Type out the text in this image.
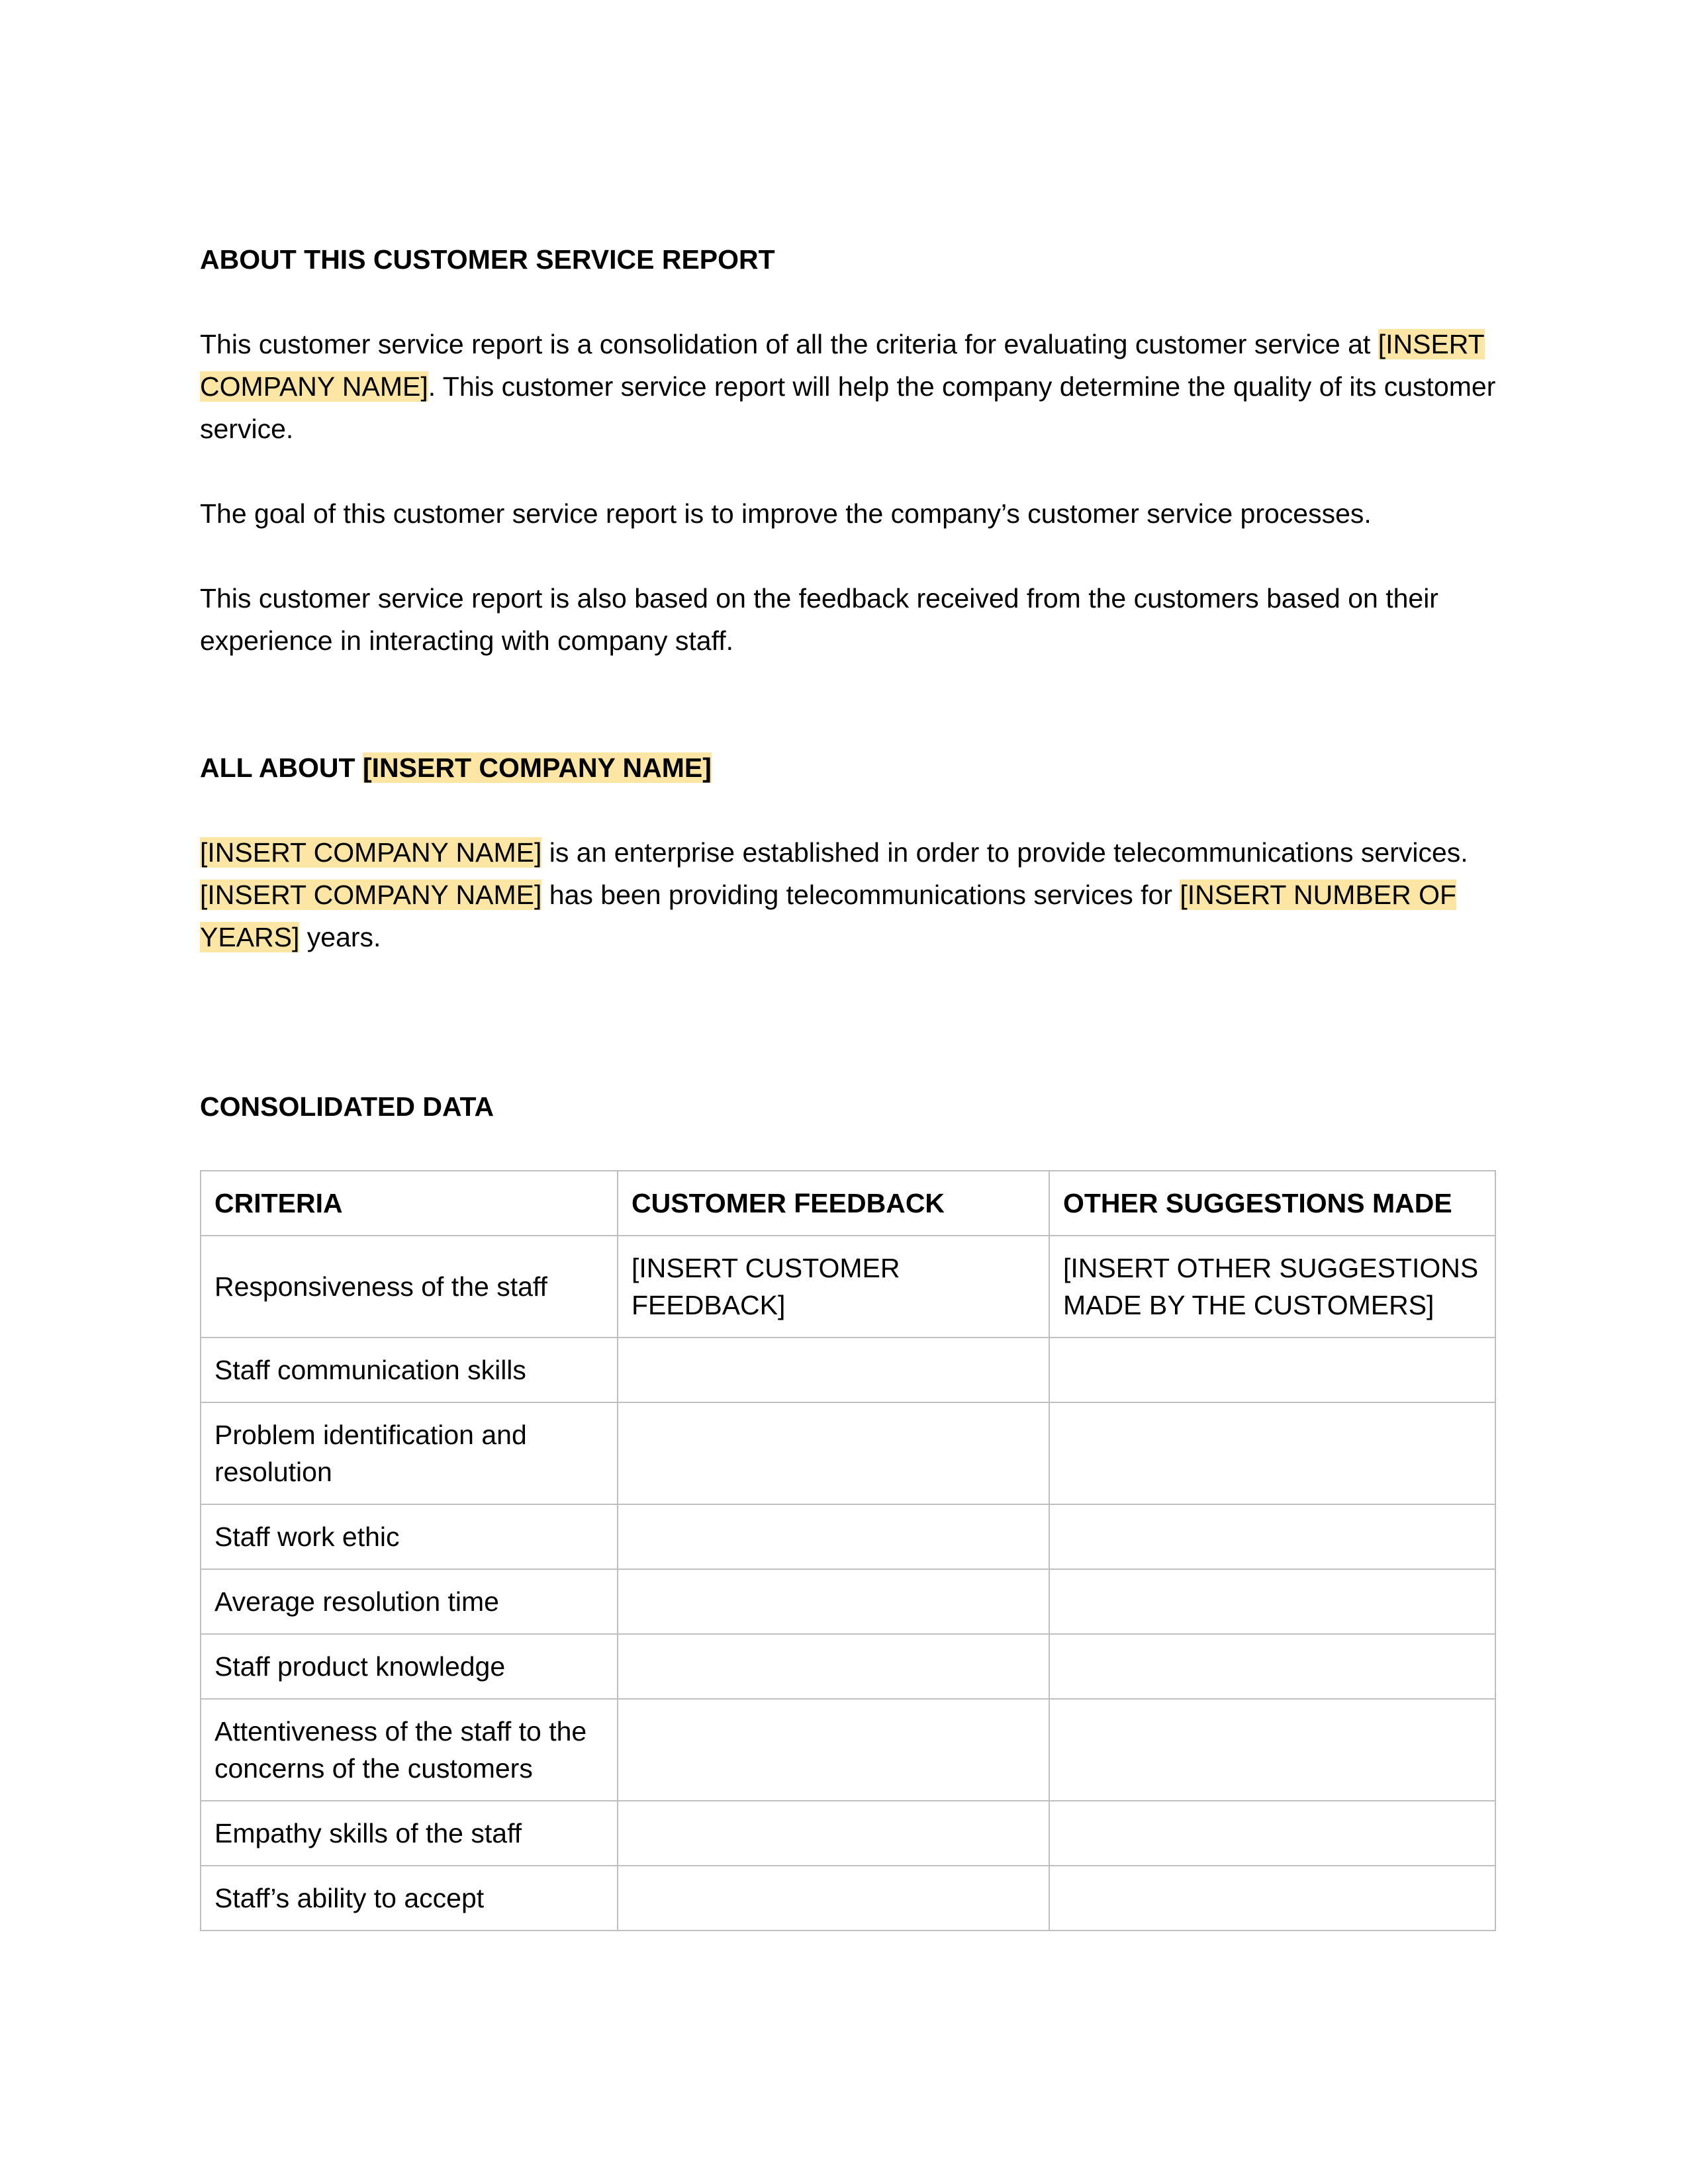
ABOUT THIS CUSTOMER SERVICE REPORT

This customer service report is a consolidation of all the criteria for evaluating customer service at [INSERT COMPANY NAME]. This customer service report will help the company determine the quality of its customer service.

The goal of this customer service report is to improve the company’s customer service processes.

This customer service report is also based on the feedback received from the customers based on their experience in interacting with company staff.

ALL ABOUT [INSERT COMPANY NAME]

[INSERT COMPANY NAME] is an enterprise established in order to provide telecommunications services. [INSERT COMPANY NAME] has been providing telecommunications services for [INSERT NUMBER OF YEARS] years.

CONSOLIDATED DATA

CRITERIA	CUSTOMER FEEDBACK	OTHER SUGGESTIONS MADE
Responsiveness of the staff	[INSERT CUSTOMER FEEDBACK]	[INSERT OTHER SUGGESTIONS MADE BY THE CUSTOMERS]
Staff communication skills		
Problem identification and resolution		
Staff work ethic		
Average resolution time		
Staff product knowledge		
Attentiveness of the staff to the concerns of the customers		
Empathy skills of the staff		
Staff’s ability to accept		
